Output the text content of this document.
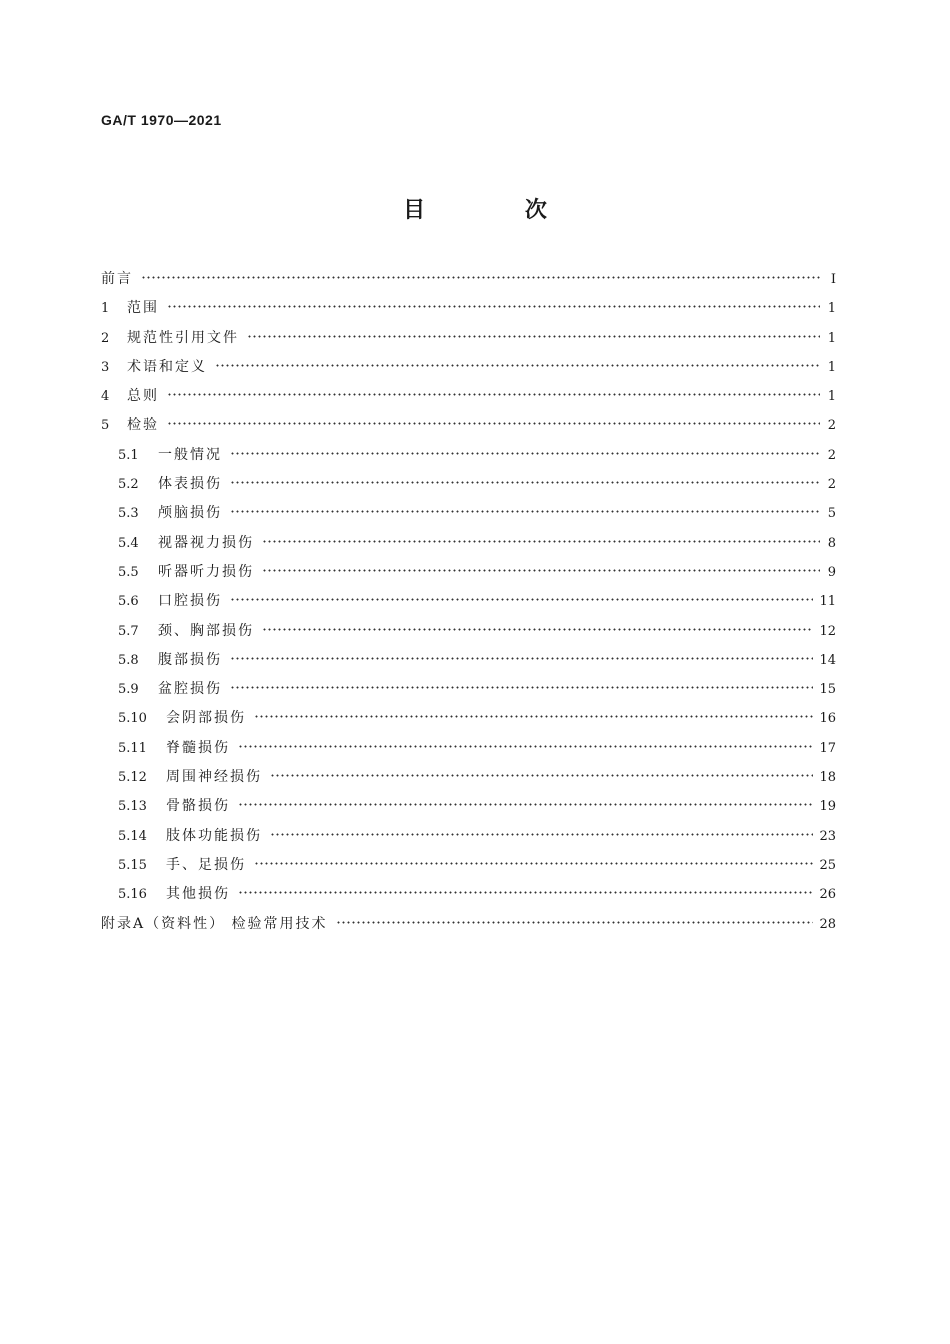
GA/T 1970—2021
目 次
前言	Ⅰ
1	范围	1
2	规范性引用文件	1
3	术语和定义	1
4	总则	1
5	检验	2
5.1	一般情况	2
5.2	体表损伤	2
5.3	颅脑损伤	5
5.4	视器视力损伤	8
5.5	听器听力损伤	9
5.6	口腔损伤	11
5.7	颈、胸部损伤	12
5.8	腹部损伤	14
5.9	盆腔损伤	15
5.10	会阴部损伤	16
5.11	脊髓损伤	17
5.12	周围神经损伤	18
5.13	骨骼损伤	19
5.14	肢体功能损伤	23
5.15	手、足损伤	25
5.16	其他损伤	26
附录A（资料性） 检验常用技术	28
